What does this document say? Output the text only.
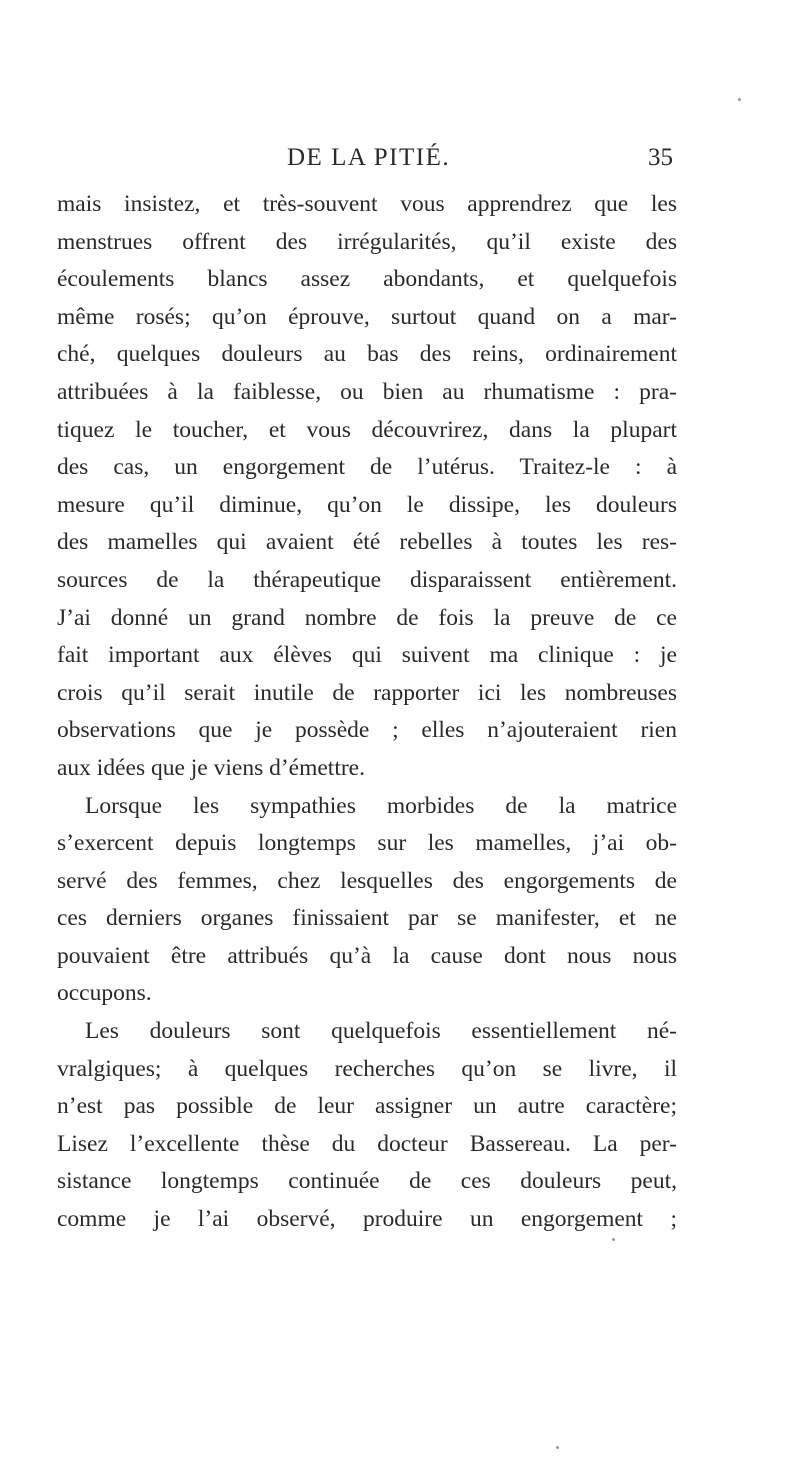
DE LA PITIÉ.	35
mais insistez, et très-souvent vous apprendrez que les
menstrues offrent des irrégularités, qu’il existe des
écoulements blancs assez abondants, et quelquefois
même rosés; qu’on éprouve, surtout quand on a mar-
ché, quelques douleurs au bas des reins, ordinairement
attribuées à la faiblesse, ou bien au rhumatisme : pra-
tiquez le toucher, et vous découvrirez, dans la plupart
des cas, un engorgement de l’utérus. Traitez-le : à
mesure qu’il diminue, qu’on le dissipe, les douleurs
des mamelles qui avaient été rebelles à toutes les res-
sources de la thérapeutique disparaissent entièrement.
J’ai donné un grand nombre de fois la preuve de ce
fait important aux élèves qui suivent ma clinique : je
crois qu’il serait inutile de rapporter ici les nombreuses
observations que je possède ; elles n’ajouteraient rien
aux idées que je viens d’émettre.
Lorsque les sympathies morbides de la matrice
s’exercent depuis longtemps sur les mamelles, j’ai ob-
servé des femmes, chez lesquelles des engorgements de
ces derniers organes finissaient par se manifester, et ne
pouvaient être attribués qu’à la cause dont nous nous
occupons.
Les douleurs sont quelquefois essentiellement né-
vralgiques; à quelques recherches qu’on se livre, il
n’est pas possible de leur assigner un autre caractère;
Lisez l’excellente thèse du docteur Bassereau. La per-
sistance longtemps continuée de ces douleurs peut,
comme je l’ai observé, produire un engorgement ;
